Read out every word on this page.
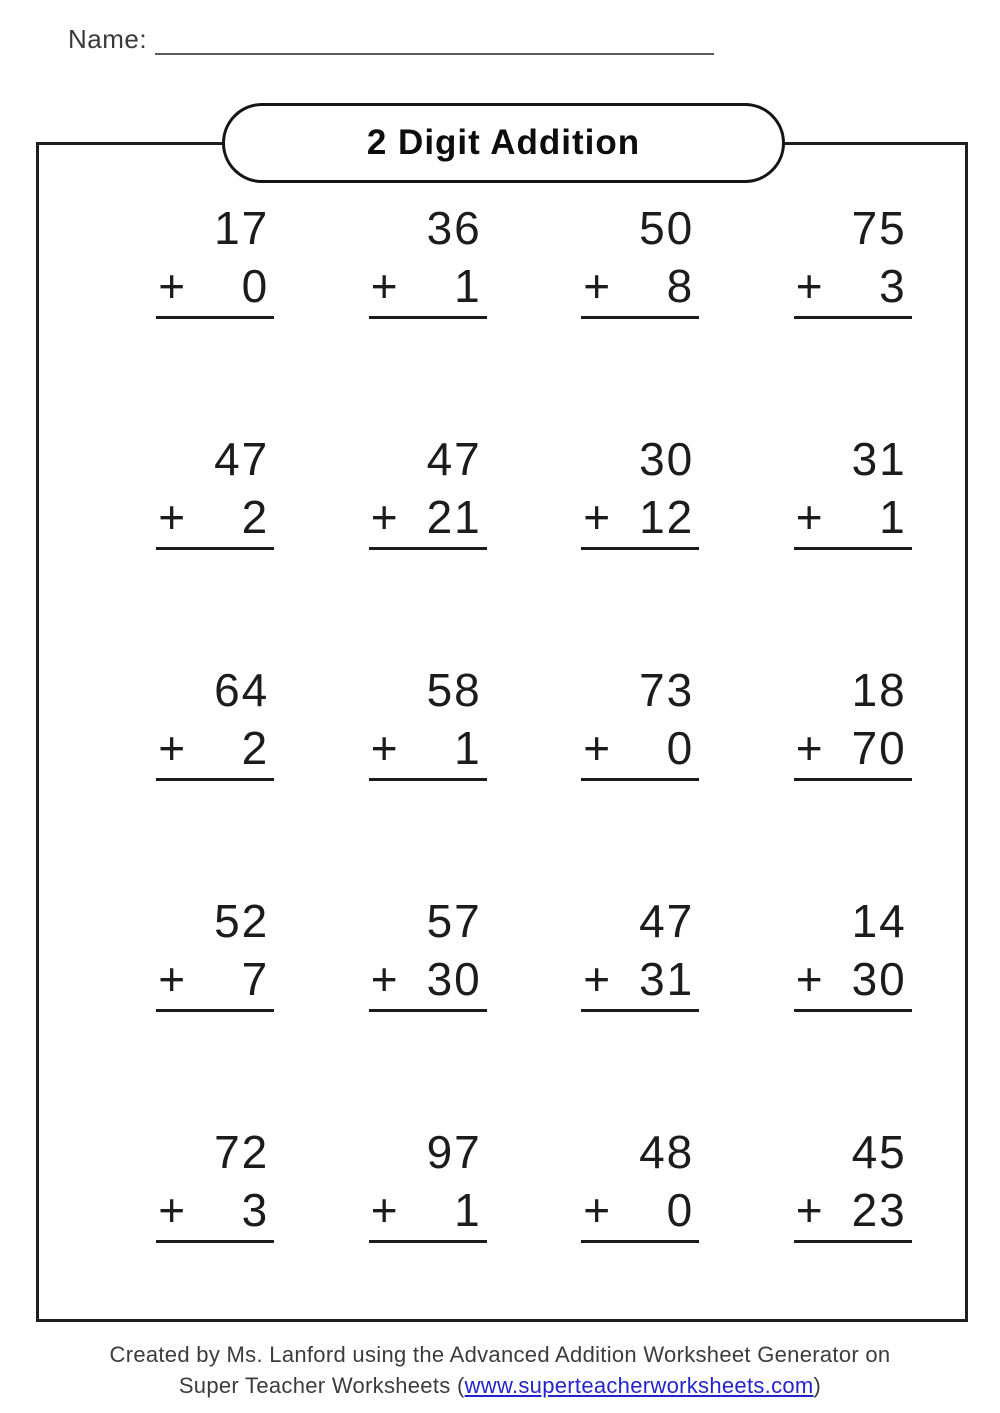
Name:
2 Digit Addition
17
+ 0
36
+ 1
50
+ 8
75
+ 3
47
+ 2
47
+ 21
30
+ 12
31
+ 1
64
+ 2
58
+ 1
73
+ 0
18
+ 70
52
+ 7
57
+ 30
47
+ 31
14
+ 30
72
+ 3
97
+ 1
48
+ 0
45
+ 23
Created by Ms. Lanford using the Advanced Addition Worksheet Generator on
Super Teacher Worksheets (www.superteacherworksheets.com)
